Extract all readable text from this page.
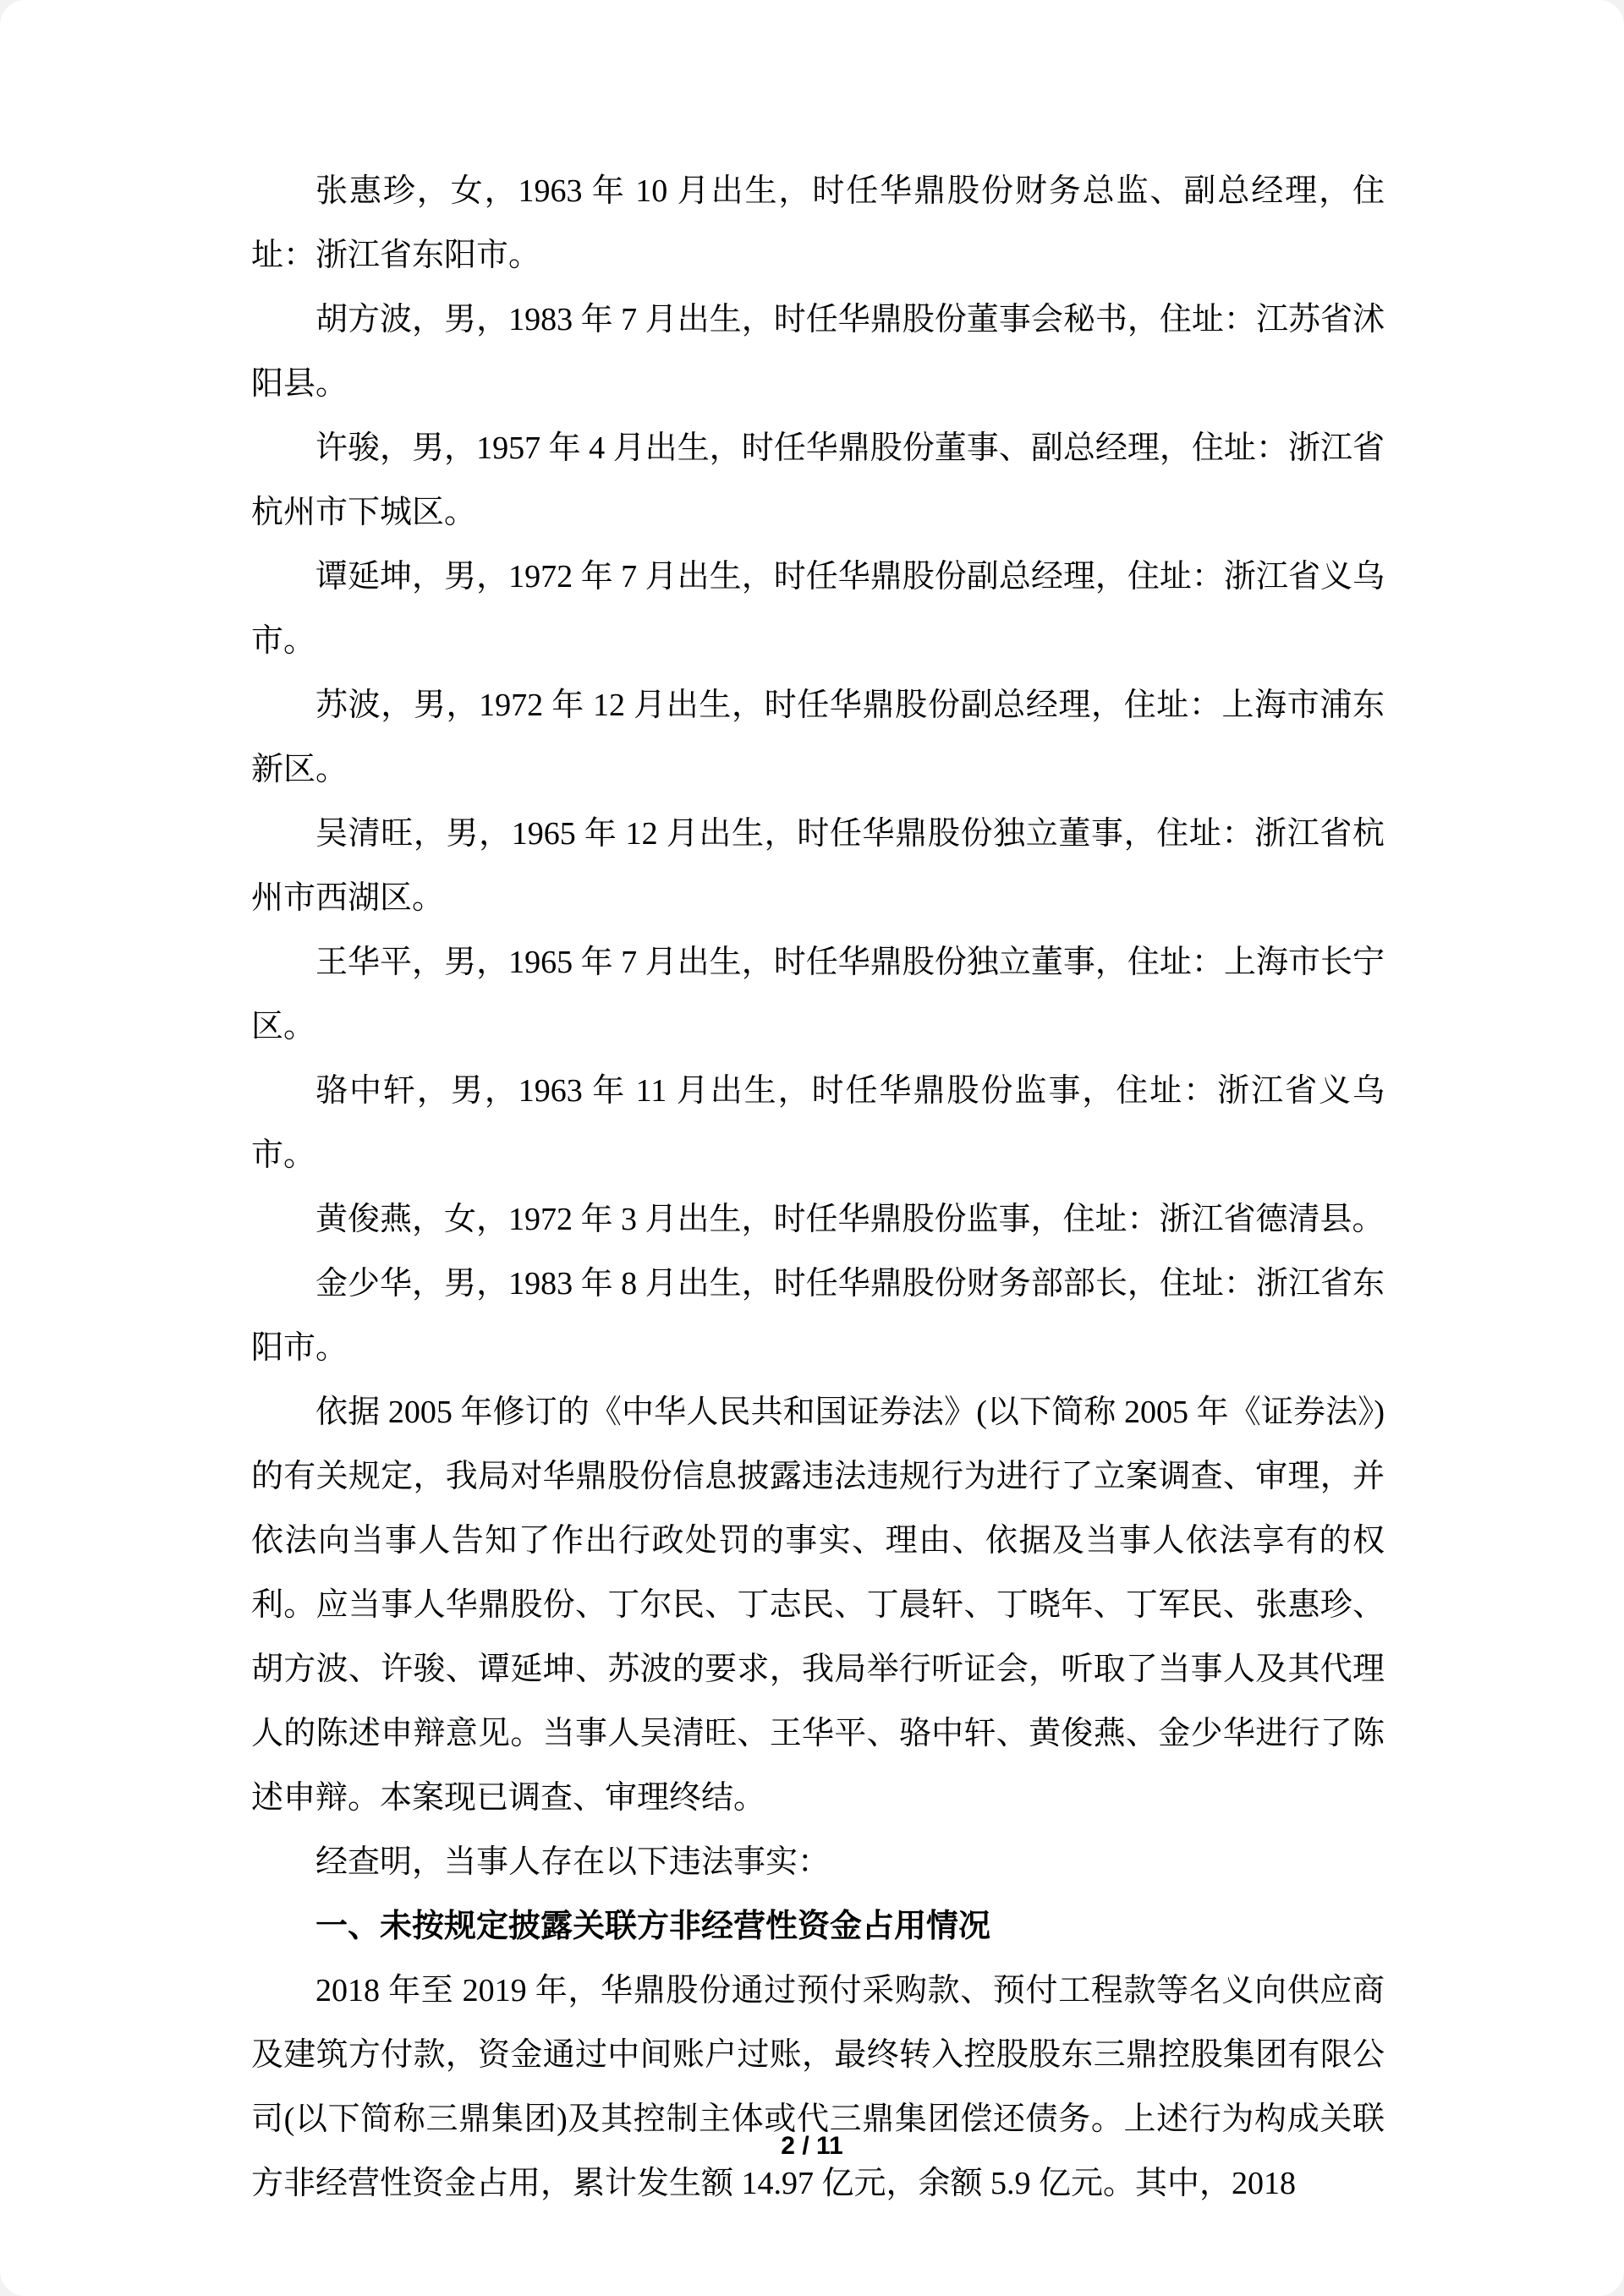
张惠珍，女，1963 年 10 月出生，时任华鼎股份财务总监、副总经理，住址：浙江省东阳市。

胡方波，男，1983 年 7 月出生，时任华鼎股份董事会秘书，住址：江苏省沭阳县。

许骏，男，1957 年 4 月出生，时任华鼎股份董事、副总经理，住址：浙江省杭州市下城区。

谭延坤，男，1972 年 7 月出生，时任华鼎股份副总经理，住址：浙江省义乌市。

苏波，男，1972 年 12 月出生，时任华鼎股份副总经理，住址：上海市浦东新区。

吴清旺，男，1965 年 12 月出生，时任华鼎股份独立董事，住址：浙江省杭州市西湖区。

王华平，男，1965 年 7 月出生，时任华鼎股份独立董事，住址：上海市长宁区。

骆中轩，男，1963 年 11 月出生，时任华鼎股份监事，住址：浙江省义乌市。

黄俊燕，女，1972 年 3 月出生，时任华鼎股份监事，住址：浙江省德清县。

金少华，男，1983 年 8 月出生，时任华鼎股份财务部部长，住址：浙江省东阳市。

依据 2005 年修订的《中华人民共和国证券法》(以下简称 2005 年《证券法》)的有关规定，我局对华鼎股份信息披露违法违规行为进行了立案调查、审理，并依法向当事人告知了作出行政处罚的事实、理由、依据及当事人依法享有的权利。应当事人华鼎股份、丁尔民、丁志民、丁晨轩、丁晓年、丁军民、张惠珍、胡方波、许骏、谭延坤、苏波的要求，我局举行听证会，听取了当事人及其代理人的陈述申辩意见。当事人吴清旺、王华平、骆中轩、黄俊燕、金少华进行了陈述申辩。本案现已调查、审理终结。

经查明，当事人存在以下违法事实：

一、未按规定披露关联方非经营性资金占用情况

2018 年至 2019 年，华鼎股份通过预付采购款、预付工程款等名义向供应商及建筑方付款，资金通过中间账户过账，最终转入控股股东三鼎控股集团有限公司(以下简称三鼎集团)及其控制主体或代三鼎集团偿还债务。上述行为构成关联方非经营性资金占用，累计发生额 14.97 亿元，余额 5.9 亿元。其中，2018

2 / 11
